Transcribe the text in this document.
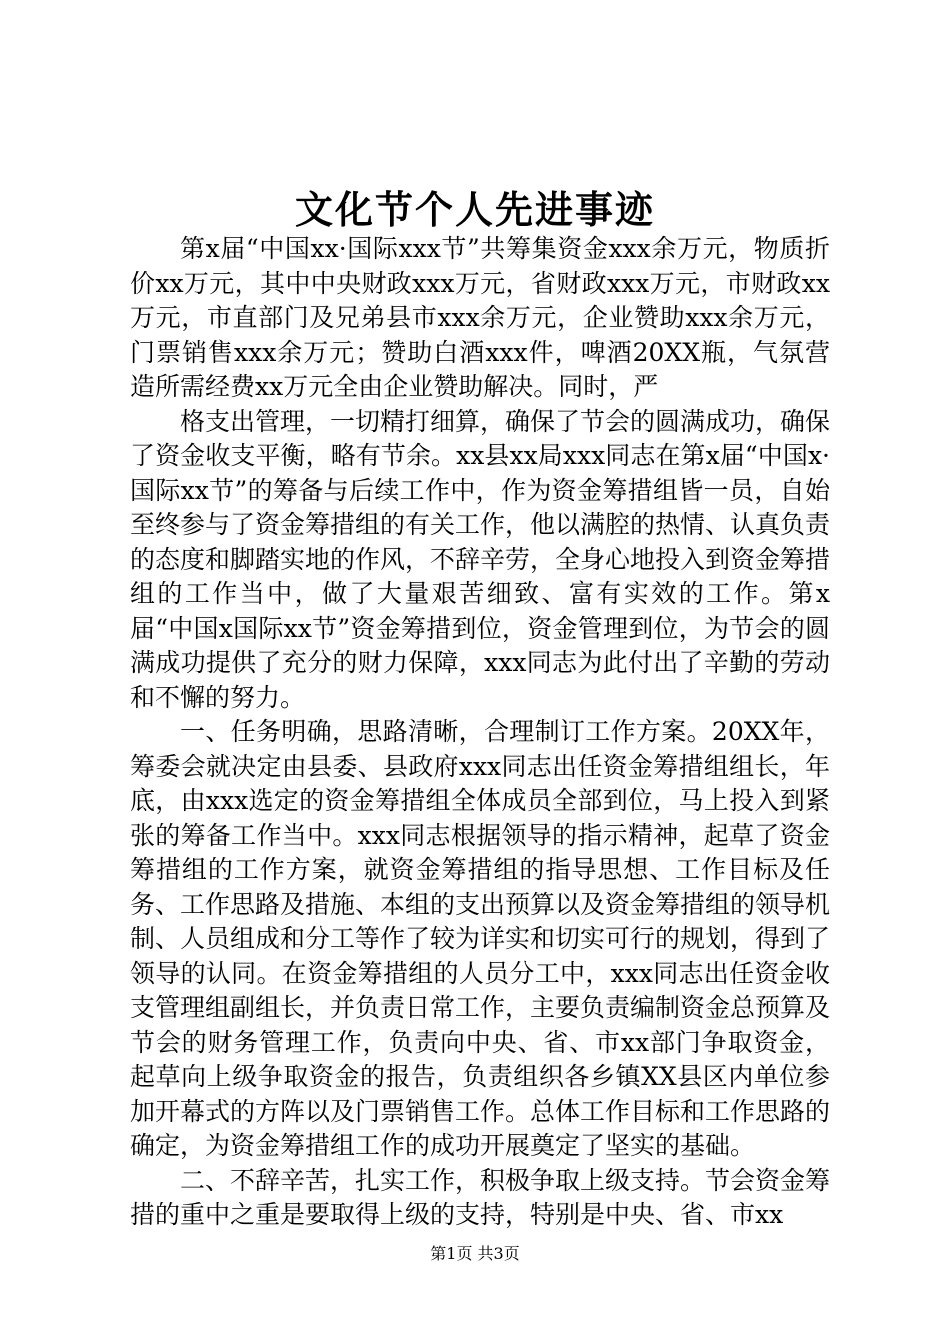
文化节个人先进事迹

第x届“中国xx·国际xxx节”共筹集资金xxx余万元，物质折价xx万元，其中中央财政xxx万元，省财政xxx万元，市财政xx万元，市直部门及兄弟县市xxx余万元，企业赞助xxx余万元，门票销售xxx余万元；赞助白酒xxx件，啤酒20XX瓶，气氛营造所需经费xx万元全由企业赞助解决。同时，严

格支出管理，一切精打细算，确保了节会的圆满成功，确保了资金收支平衡，略有节余。xx县xx局xxx同志在第x届“中国x·国际xx节”的筹备与后续工作中，作为资金筹措组皆一员，自始至终参与了资金筹措组的有关工作，他以满腔的热情、认真负责的态度和脚踏实地的作风，不辞辛劳，全身心地投入到资金筹措组的工作当中，做了大量艰苦细致、富有实效的工作。第x届“中国x国际xx节”资金筹措到位，资金管理到位，为节会的圆满成功提供了充分的财力保障，xxx同志为此付出了辛勤的劳动和不懈的努力。

一、任务明确，思路清晰，合理制订工作方案。20XX年，筹委会就决定由县委、县政府xxx同志出任资金筹措组组长，年底，由xxx选定的资金筹措组全体成员全部到位，马上投入到紧张的筹备工作当中。xxx同志根据领导的指示精神，起草了资金筹措组的工作方案，就资金筹措组的指导思想、工作目标及任务、工作思路及措施、本组的支出预算以及资金筹措组的领导机制、人员组成和分工等作了较为详实和切实可行的规划，得到了领导的认同。在资金筹措组的人员分工中，xxx同志出任资金收支管理组副组长，并负责日常工作，主要负责编制资金总预算及节会的财务管理工作，负责向中央、省、市xx部门争取资金，起草向上级争取资金的报告，负责组织各乡镇XX县区内单位参加开幕式的方阵以及门票销售工作。总体工作目标和工作思路的确定，为资金筹措组工作的成功开展奠定了坚实的基础。

二、不辞辛苦，扎实工作，积极争取上级支持。节会资金筹措的重中之重是要取得上级的支持，特别是中央、省、市xx

第1页 共3页
